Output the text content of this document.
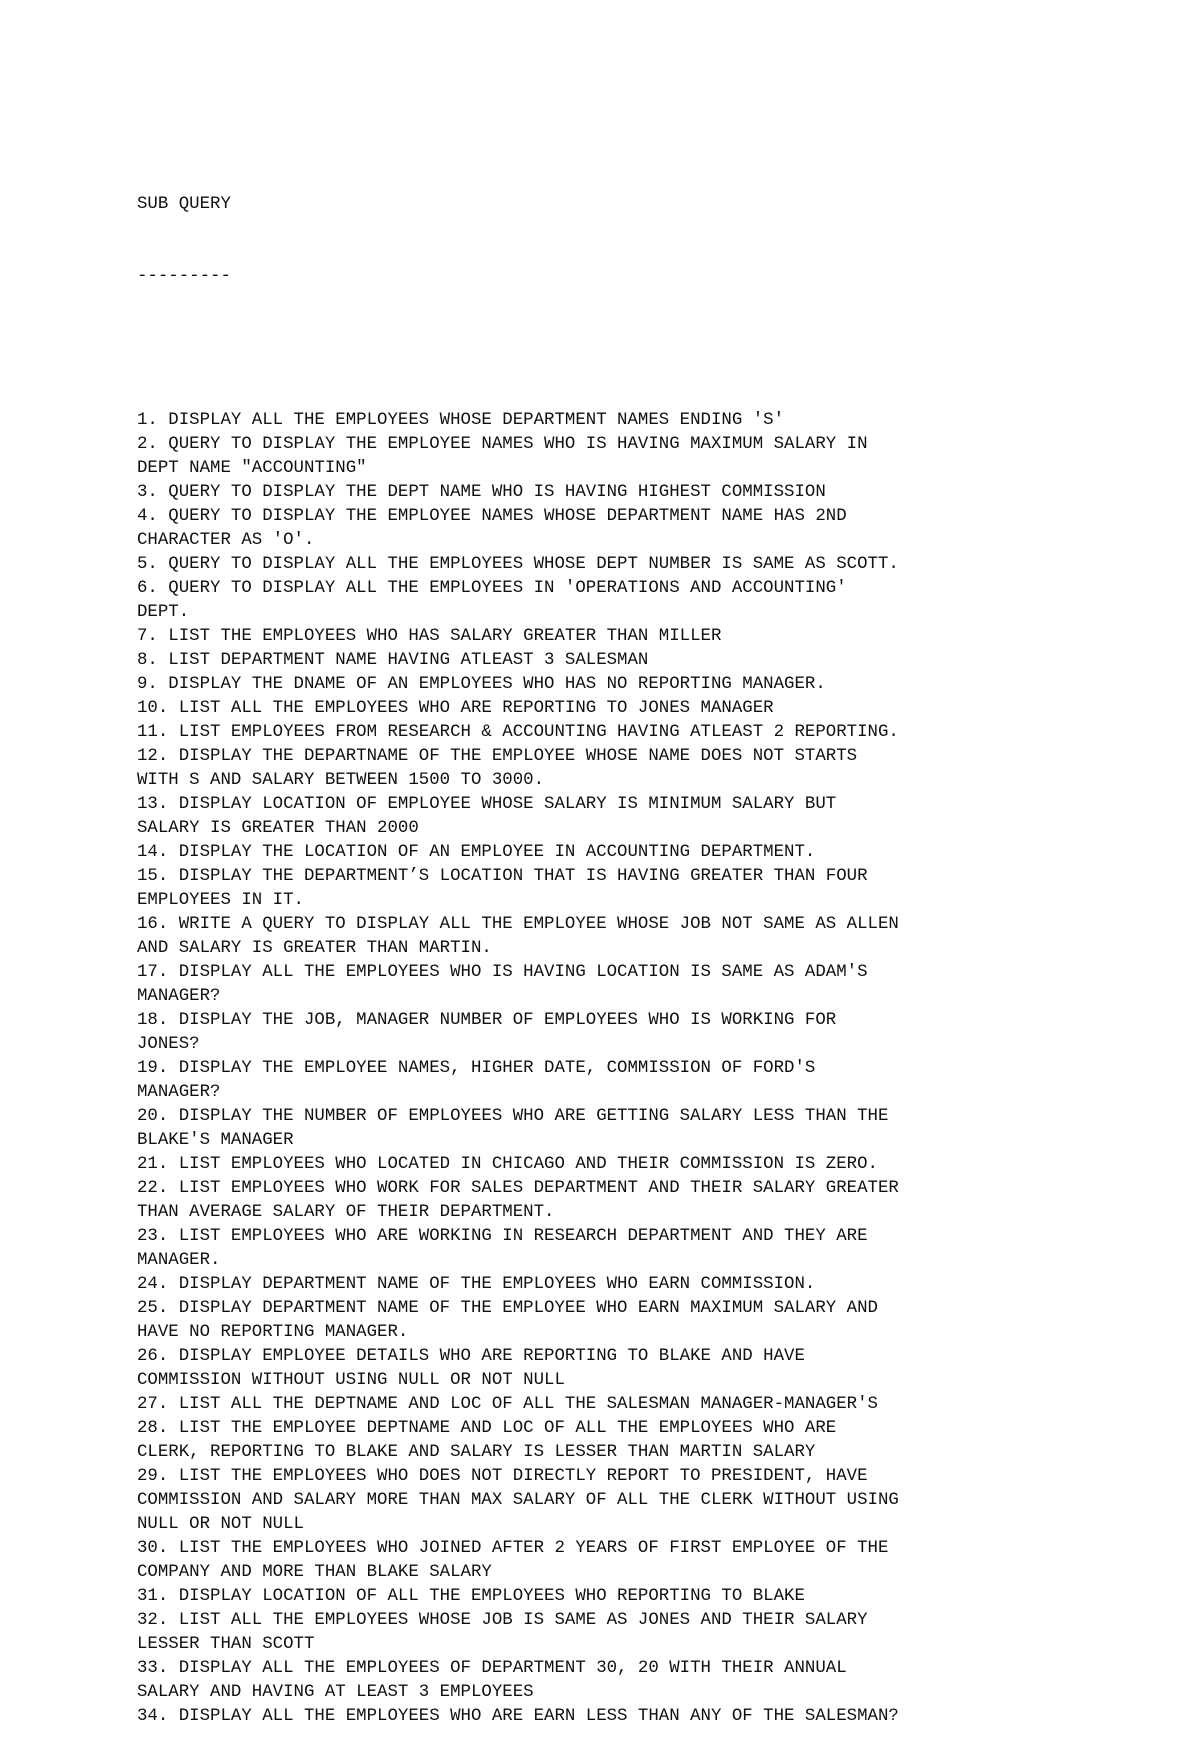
SUB QUERY

---------

1. DISPLAY ALL THE EMPLOYEES WHOSE DEPARTMENT NAMES ENDING 'S'
2. QUERY TO DISPLAY THE EMPLOYEE NAMES WHO IS HAVING MAXIMUM SALARY IN
DEPT NAME "ACCOUNTING"
3. QUERY TO DISPLAY THE DEPT NAME WHO IS HAVING HIGHEST COMMISSION
4. QUERY TO DISPLAY THE EMPLOYEE NAMES WHOSE DEPARTMENT NAME HAS 2ND
CHARACTER AS 'O'.
5. QUERY TO DISPLAY ALL THE EMPLOYEES WHOSE DEPT NUMBER IS SAME AS SCOTT.
6. QUERY TO DISPLAY ALL THE EMPLOYEES IN 'OPERATIONS AND ACCOUNTING'
DEPT.
7. LIST THE EMPLOYEES WHO HAS SALARY GREATER THAN MILLER
8. LIST DEPARTMENT NAME HAVING ATLEAST 3 SALESMAN
9. DISPLAY THE DNAME OF AN EMPLOYEES WHO HAS NO REPORTING MANAGER.
10. LIST ALL THE EMPLOYEES WHO ARE REPORTING TO JONES MANAGER
11. LIST EMPLOYEES FROM RESEARCH & ACCOUNTING HAVING ATLEAST 2 REPORTING.
12. DISPLAY THE DEPARTNAME OF THE EMPLOYEE WHOSE NAME DOES NOT STARTS
WITH S AND SALARY BETWEEN 1500 TO 3000.
13. DISPLAY LOCATION OF EMPLOYEE WHOSE SALARY IS MINIMUM SALARY BUT
SALARY IS GREATER THAN 2000
14. DISPLAY THE LOCATION OF AN EMPLOYEE IN ACCOUNTING DEPARTMENT.
15. DISPLAY THE DEPARTMENT’S LOCATION THAT IS HAVING GREATER THAN FOUR
EMPLOYEES IN IT.
16. WRITE A QUERY TO DISPLAY ALL THE EMPLOYEE WHOSE JOB NOT SAME AS ALLEN
AND SALARY IS GREATER THAN MARTIN.
17. DISPLAY ALL THE EMPLOYEES WHO IS HAVING LOCATION IS SAME AS ADAM'S
MANAGER?
18. DISPLAY THE JOB, MANAGER NUMBER OF EMPLOYEES WHO IS WORKING FOR
JONES?
19. DISPLAY THE EMPLOYEE NAMES, HIGHER DATE, COMMISSION OF FORD'S
MANAGER?
20. DISPLAY THE NUMBER OF EMPLOYEES WHO ARE GETTING SALARY LESS THAN THE
BLAKE'S MANAGER
21. LIST EMPLOYEES WHO LOCATED IN CHICAGO AND THEIR COMMISSION IS ZERO.
22. LIST EMPLOYEES WHO WORK FOR SALES DEPARTMENT AND THEIR SALARY GREATER
THAN AVERAGE SALARY OF THEIR DEPARTMENT.
23. LIST EMPLOYEES WHO ARE WORKING IN RESEARCH DEPARTMENT AND THEY ARE
MANAGER.
24. DISPLAY DEPARTMENT NAME OF THE EMPLOYEES WHO EARN COMMISSION.
25. DISPLAY DEPARTMENT NAME OF THE EMPLOYEE WHO EARN MAXIMUM SALARY AND
HAVE NO REPORTING MANAGER.
26. DISPLAY EMPLOYEE DETAILS WHO ARE REPORTING TO BLAKE AND HAVE
COMMISSION WITHOUT USING NULL OR NOT NULL
27. LIST ALL THE DEPTNAME AND LOC OF ALL THE SALESMAN MANAGER-MANAGER'S
28. LIST THE EMPLOYEE DEPTNAME AND LOC OF ALL THE EMPLOYEES WHO ARE
CLERK, REPORTING TO BLAKE AND SALARY IS LESSER THAN MARTIN SALARY
29. LIST THE EMPLOYEES WHO DOES NOT DIRECTLY REPORT TO PRESIDENT, HAVE
COMMISSION AND SALARY MORE THAN MAX SALARY OF ALL THE CLERK WITHOUT USING
NULL OR NOT NULL
30. LIST THE EMPLOYEES WHO JOINED AFTER 2 YEARS OF FIRST EMPLOYEE OF THE
COMPANY AND MORE THAN BLAKE SALARY
31. DISPLAY LOCATION OF ALL THE EMPLOYEES WHO REPORTING TO BLAKE
32. LIST ALL THE EMPLOYEES WHOSE JOB IS SAME AS JONES AND THEIR SALARY
LESSER THAN SCOTT
33. DISPLAY ALL THE EMPLOYEES OF DEPARTMENT 30, 20 WITH THEIR ANNUAL
SALARY AND HAVING AT LEAST 3 EMPLOYEES
34. DISPLAY ALL THE EMPLOYEES WHO ARE EARN LESS THAN ANY OF THE SALESMAN?
